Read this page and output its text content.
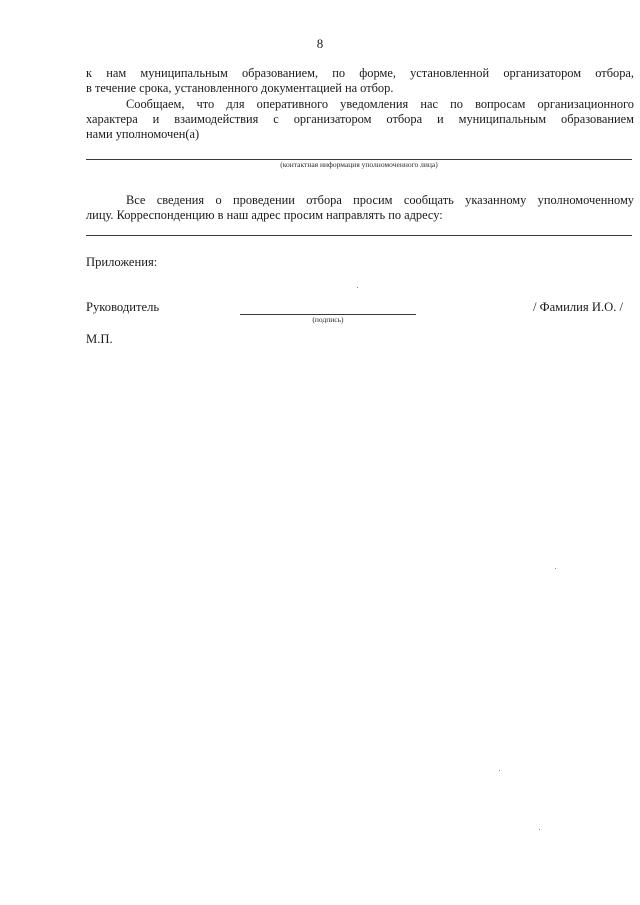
8
к нам муниципальным образованием, по форме, установленной организатором отбора,
в течение срока, установленного документацией на отбор.
Сообщаем, что для оперативного уведомления нас по вопросам организационного
характера и взаимодействия с организатором отбора и муниципальным образованием
нами уполномочен(а)
(контактная информация уполномоченного лица)
Все сведения о проведении отбора просим сообщать указанному уполномоченному
лицу. Корреспонденцию в наш адрес просим направлять по адресу:
Приложения:
Руководитель
(подпись)
/ Фамилия И.О. /
М.П.
